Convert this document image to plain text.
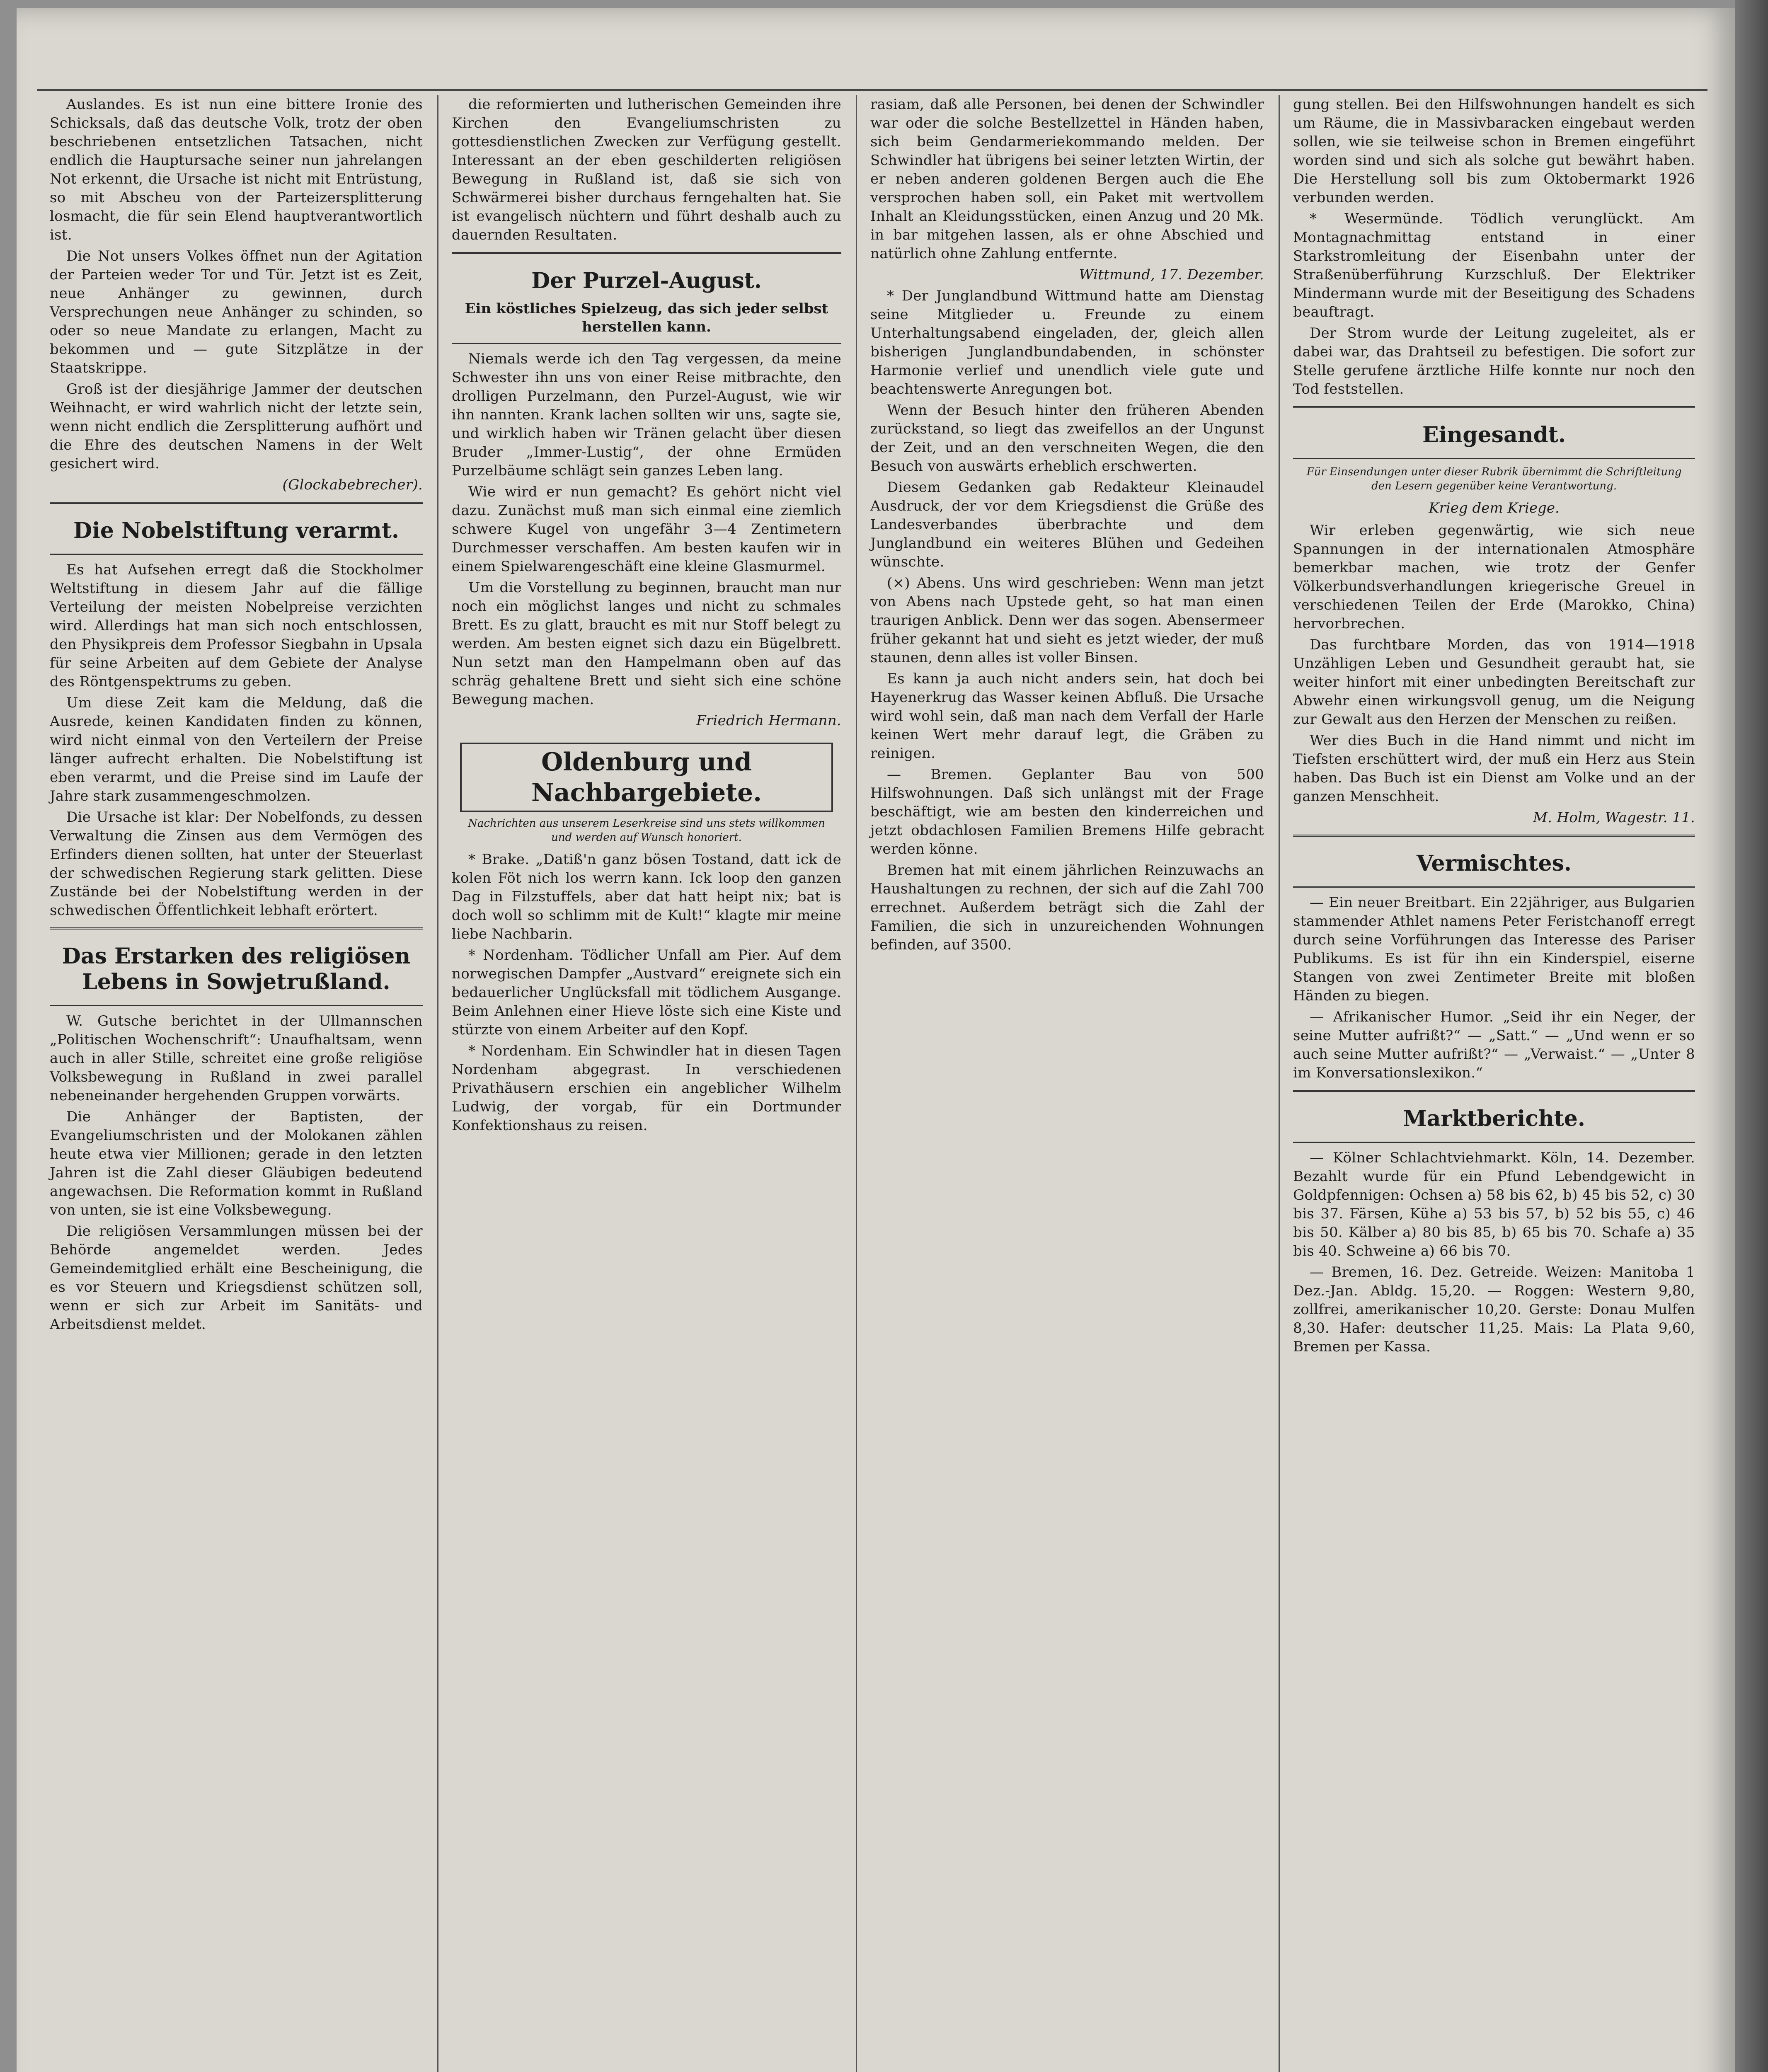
Auslandes. Es ist nun eine bittere Ironie des Schicksals, daß das deutsche Volk, trotz der oben beschriebenen entsetzlichen Tatsachen, nicht endlich die Hauptursache seiner nun jahrelangen Not erkennt, die Ursache ist nicht mit Entrüstung, so mit Abscheu von der Parteizersplitterung losmacht, die für sein Elend hauptverantwortlich ist.

Die Not unsers Volkes öffnet nun der Agitation der Parteien weder Tor und Tür. Jetzt ist es Zeit, neue Anhänger zu gewinnen, durch Versprechungen neue Anhänger zu schinden, so oder so neue Mandate zu erlangen, Macht zu bekommen und — gute Sitzplätze in der Staatskrippe.

Groß ist der diesjährige Jammer der deutschen Weihnacht, er wird wahrlich nicht der letzte sein, wenn nicht endlich die Zersplitterung aufhört und die Ehre des deutschen Namens in der Welt gesichert wird.

(Glockabebrecher).

Die Nobelstiftung verarmt.

Es hat Aufsehen erregt daß die Stockholmer Weltstiftung in diesem Jahr auf die fällige Verteilung der meisten Nobelpreise verzichten wird. Allerdings hat man sich noch entschlossen, den Physikpreis dem Professor Siegbahn in Upsala für seine Arbeiten auf dem Gebiete der Analyse des Röntgenspektrums zu geben.

Um diese Zeit kam die Meldung, daß die Ausrede, keinen Kandidaten finden zu können, wird nicht einmal von den Verteilern der Preise länger aufrecht erhalten. Die Nobelstiftung ist eben verarmt, und die Preise sind im Laufe der Jahre stark zusammengeschmolzen.

Die Ursache ist klar: Der Nobelfonds, zu dessen Verwaltung die Zinsen aus dem Vermögen des Erfinders dienen sollten, hat unter der Steuerlast der schwedischen Regierung stark gelitten. Diese Zustände bei der Nobelstiftung werden in der schwedischen Öffentlichkeit lebhaft erörtert.

Das Erstarken des religiösen Lebens in Sowjetrußland.

W. Gutsche berichtet in der Ullmannschen „Politischen Wochenschrift“: Unaufhaltsam, wenn auch in aller Stille, schreitet eine große religiöse Volksbewegung in Rußland in zwei parallel nebeneinander hergehenden Gruppen vorwärts.

Die Anhänger der Baptisten, der Evangeliumschristen und der Molokanen zählen heute etwa vier Millionen; gerade in den letzten Jahren ist die Zahl dieser Gläubigen bedeutend angewachsen. Die Reformation kommt in Rußland von unten, sie ist eine Volksbewegung.

Die religiösen Versammlungen müssen bei der Behörde angemeldet werden. Jedes Gemeindemitglied erhält eine Bescheinigung, die es vor Steuern und Kriegsdienst schützen soll, wenn er sich zur Arbeit im Sanitäts- und Arbeitsdienst meldet.

die reformierten und lutherischen Gemeinden ihre Kirchen den Evangeliumschristen zu gottesdienstlichen Zwecken zur Verfügung gestellt. Interessant an der eben geschilderten religiösen Bewegung in Rußland ist, daß sie sich von Schwärmerei bisher durchaus ferngehalten hat. Sie ist evangelisch nüchtern und führt deshalb auch zu dauernden Resultaten.

Der Purzel-August.
Ein köstliches Spielzeug, das sich jeder selbst herstellen kann.

Niemals werde ich den Tag vergessen, da meine Schwester ihn uns von einer Reise mitbrachte, den drolligen Purzelmann, den Purzel-August, wie wir ihn nannten. Krank lachen sollten wir uns, sagte sie, und wirklich haben wir Tränen gelacht über diesen Bruder „Immer-Lustig“, der ohne Ermüden Purzelbäume schlägt sein ganzes Leben lang.

Wie wird er nun gemacht? Es gehört nicht viel dazu. Zunächst muß man sich einmal eine ziemlich schwere Kugel von ungefähr 3—4 Zentimetern Durchmesser verschaffen. Am besten kaufen wir in einem Spielwarengeschäft eine kleine Glasmurmel.

Um die Vorstellung zu beginnen, braucht man nur noch ein möglichst langes und nicht zu schmales Brett. Es zu glatt, braucht es mit nur Stoff belegt zu werden. Am besten eignet sich dazu ein Bügelbrett. Nun setzt man den Hampelmann oben auf das schräg gehaltene Brett und sieht sich eine schöne Bewegung machen.

Friedrich Hermann.

Oldenburg und Nachbargebiete.
Nachrichten aus unserem Leserkreise sind uns stets willkommen und werden auf Wunsch honoriert.

* Brake. „Datiß'n ganz bösen Tostand, datt ick de kolen Föt nich los werrn kann. Ick loop den ganzen Dag in Filzstuffels, aber dat hatt heipt nix; bat is doch woll so schlimm mit de Kult!“ klagte mir meine liebe Nachbarin.

* Nordenham. Tödlicher Unfall am Pier. Auf dem norwegischen Dampfer „Austvard“ ereignete sich ein bedauerlicher Unglücksfall mit tödlichem Ausgange. Beim Anlehnen einer Hieve löste sich eine Kiste und stürzte von einem Arbeiter auf den Kopf.

* Nordenham. Ein Schwindler hat in diesen Tagen Nordenham abgegrast. In verschiedenen Privathäusern erschien ein angeblicher Wilhelm Ludwig, der vorgab, für ein Dortmunder Konfektionshaus zu reisen.

rasiam, daß alle Personen, bei denen der Schwindler war oder die solche Bestellzettel in Händen haben, sich beim Gendarmeriekommando melden. Der Schwindler hat übrigens bei seiner letzten Wirtin, der er neben anderen goldenen Bergen auch die Ehe versprochen haben soll, ein Paket mit wertvollem Inhalt an Kleidungsstücken, einen Anzug und 20 Mk. in bar mitgehen lassen, als er ohne Abschied und natürlich ohne Zahlung entfernte.

Wittmund, 17. Dezember.

* Der Junglandbund Wittmund hatte am Dienstag seine Mitglieder u. Freunde zu einem Unterhaltungsabend eingeladen, der, gleich allen bisherigen Junglandbundabenden, in schönster Harmonie verlief und unendlich viele gute und beachtenswerte Anregungen bot.

Wenn der Besuch hinter den früheren Abenden zurückstand, so liegt das zweifellos an der Ungunst der Zeit, und an den verschneiten Wegen, die den Besuch von auswärts erheblich erschwerten.

Diesem Gedanken gab Redakteur Kleinaudel Ausdruck, der vor dem Kriegsdienst die Grüße des Landesverbandes überbrachte und dem Junglandbund ein weiteres Blühen und Gedeihen wünschte.

(×) Abens. Uns wird geschrieben: Wenn man jetzt von Abens nach Upstede geht, so hat man einen traurigen Anblick. Denn wer das sogen. Abensermeer früher gekannt hat und sieht es jetzt wieder, der muß staunen, denn alles ist voller Binsen.

Es kann ja auch nicht anders sein, hat doch bei Hayenerkrug das Wasser keinen Abfluß. Die Ursache wird wohl sein, daß man nach dem Verfall der Harle keinen Wert mehr darauf legt, die Gräben zu reinigen.

— Bremen. Geplanter Bau von 500 Hilfswohnungen. Daß sich unlängst mit der Frage beschäftigt, wie am besten den kinderreichen und jetzt obdachlosen Familien Bremens Hilfe gebracht werden könne.

Bremen hat mit einem jährlichen Reinzuwachs an Haushaltungen zu rechnen, der sich auf die Zahl 700 errechnet. Außerdem beträgt sich die Zahl der Familien, die sich in unzureichenden Wohnungen befinden, auf 3500.

gung stellen. Bei den Hilfswohnungen handelt es sich um Räume, die in Massivbaracken eingebaut werden sollen, wie sie teilweise schon in Bremen eingeführt worden sind und sich als solche gut bewährt haben. Die Herstellung soll bis zum Oktobermarkt 1926 verbunden werden.

* Wesermünde. Tödlich verunglückt. Am Montagnachmittag entstand in einer Starkstromleitung der Eisenbahn unter der Straßenüberführung Kurzschluß. Der Elektriker Mindermann wurde mit der Beseitigung des Schadens beauftragt.

Der Strom wurde der Leitung zugeleitet, als er dabei war, das Drahtseil zu befestigen. Die sofort zur Stelle gerufene ärztliche Hilfe konnte nur noch den Tod feststellen.

Eingesandt.
Für Einsendungen unter dieser Rubrik übernimmt die Schriftleitung den Lesern gegenüber keine Verantwortung.
Krieg dem Kriege.

Wir erleben gegenwärtig, wie sich neue Spannungen in der internationalen Atmosphäre bemerkbar machen, wie trotz der Genfer Völkerbundsverhandlungen kriegerische Greuel in verschiedenen Teilen der Erde (Marokko, China) hervorbrechen.

Das furchtbare Morden, das von 1914—1918 Unzähligen Leben und Gesundheit geraubt hat, sie weiter hinfort mit einer unbedingten Bereitschaft zur Abwehr einen wirkungsvoll genug, um die Neigung zur Gewalt aus den Herzen der Menschen zu reißen.

Wer dies Buch in die Hand nimmt und nicht im Tiefsten erschüttert wird, der muß ein Herz aus Stein haben. Das Buch ist ein Dienst am Volke und an der ganzen Menschheit.

M. Holm, Wagestr. 11.

Vermischtes.

— Ein neuer Breitbart. Ein 22jähriger, aus Bulgarien stammender Athlet namens Peter Feristchanoff erregt durch seine Vorführungen das Interesse des Pariser Publikums. Es ist für ihn ein Kinderspiel, eiserne Stangen von zwei Zentimeter Breite mit bloßen Händen zu biegen.

— Afrikanischer Humor. „Seid ihr ein Neger, der seine Mutter aufrißt?“ — „Satt.“ — „Und wenn er so auch seine Mutter aufrißt?“ — „Verwaist.“ — „Unter 8 im Konversationslexikon.“

Marktberichte.

— Kölner Schlachtviehmarkt. Köln, 14. Dezember. Bezahlt wurde für ein Pfund Lebendgewicht in Goldpfennigen: Ochsen a) 58 bis 62, b) 45 bis 52, c) 30 bis 37. Färsen, Kühe a) 53 bis 57, b) 52 bis 55, c) 46 bis 50. Kälber a) 80 bis 85, b) 65 bis 70. Schafe a) 35 bis 40. Schweine a) 66 bis 70.

— Bremen, 16. Dez. Getreide. Weizen: Manitoba 1 Dez.-Jan. Abldg. 15,20. — Roggen: Western 9,80, zollfrei, amerikanischer 10,20. Gerste: Donau Mulfen 8,30. Hafer: deutscher 11,25. Mais: La Plata 9,60, Bremen per Kassa.
